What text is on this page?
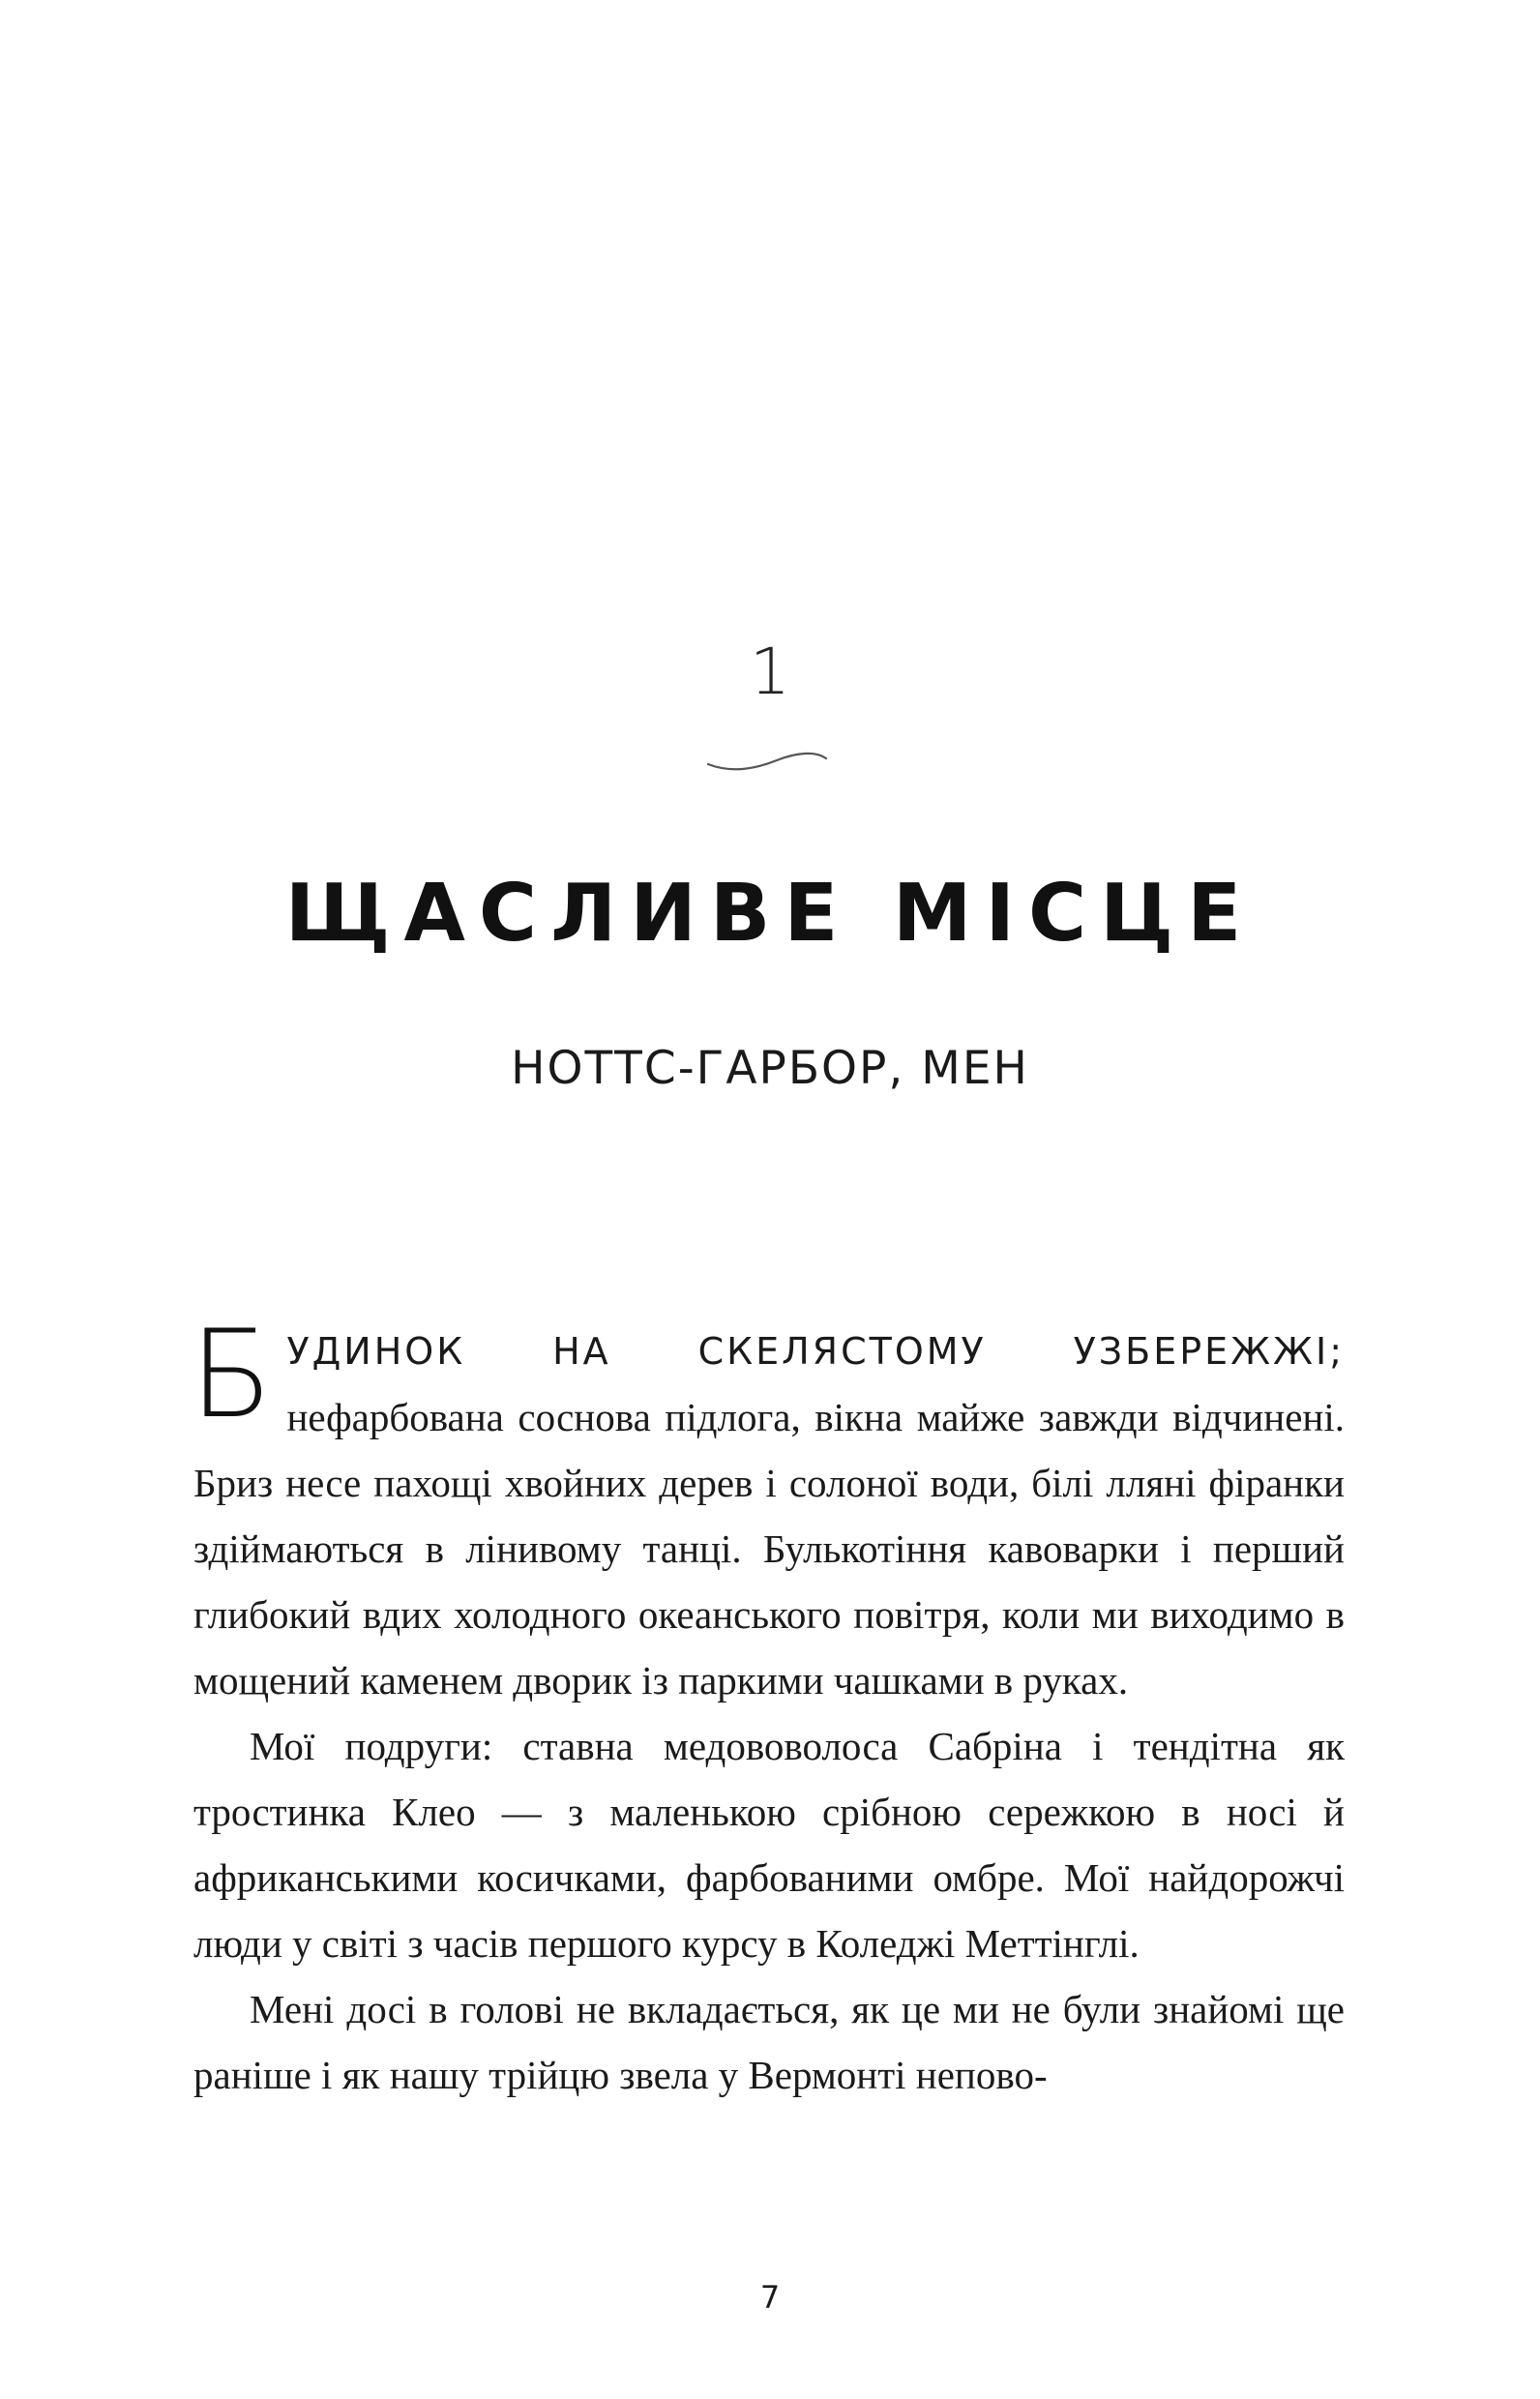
1
ЩАСЛИВЕ МІСЦЕ
НОТТС-ГАРБОР, МЕН

БУДИНОК НА СКЕЛЯСТОМУ УЗБЕРЕЖЖІ; нефарбована соснова підлога, вікна майже завжди відчинені. Бриз несе пахощі хвойних дерев і солоної води, білі лляні фіранки здіймаються в лінивому танці. Булькотіння кавоварки і перший глибокий вдих холодного океанського повітря, коли ми виходимо в мощений каменем дворик із паркими чашками в руках.

Мої подруги: ставна медововолоса Сабріна і тендітна як тростинка Клео — з маленькою срібною сережкою в носі й африканськими косичками, фарбованими омбре. Мої найдорожчі люди у світі з часів першого курсу в Коледжі Меттінглі.

Мені досі в голові не вкладається, як це ми не були знайомі ще раніше і як нашу трійцю звела у Вермонті непово-

7
